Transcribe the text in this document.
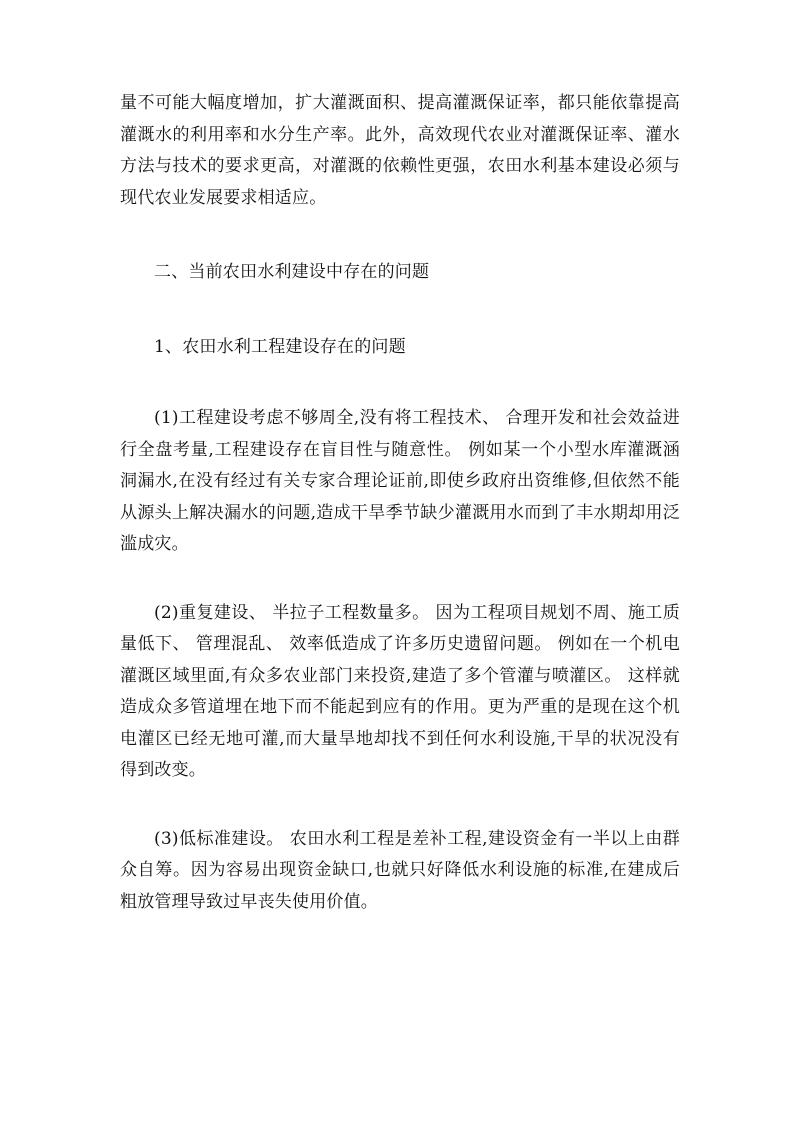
量不可能大幅度增加，扩大灌溉面积、提高灌溉保证率，都只能依靠提高灌溉水的利用率和水分生产率。此外，高效现代农业对灌溉保证率、灌水方法与技术的要求更高，对灌溉的依赖性更强，农田水利基本建设必须与现代农业发展要求相适应。

二、当前农田水利建设中存在的问题

1、农田水利工程建设存在的问题

(1)工程建设考虑不够周全,没有将工程技术、 合理开发和社会效益进行全盘考量,工程建设存在盲目性与随意性。 例如某一个小型水库灌溉涵洞漏水,在没有经过有关专家合理论证前,即使乡政府出资维修,但依然不能从源头上解决漏水的问题,造成干旱季节缺少灌溉用水而到了丰水期却用泛滥成灾。

(2)重复建设、 半拉子工程数量多。 因为工程项目规划不周、施工质量低下、 管理混乱、 效率低造成了许多历史遗留问题。 例如在一个机电灌溉区域里面,有众多农业部门来投资,建造了多个管灌与喷灌区。 这样就造成众多管道埋在地下而不能起到应有的作用。更为严重的是现在这个机电灌区已经无地可灌,而大量旱地却找不到任何水利设施,干旱的状况没有得到改变。

(3)低标准建设。 农田水利工程是差补工程,建设资金有一半以上由群众自筹。因为容易出现资金缺口,也就只好降低水利设施的标准,在建成后粗放管理导致过早丧失使用价值。
